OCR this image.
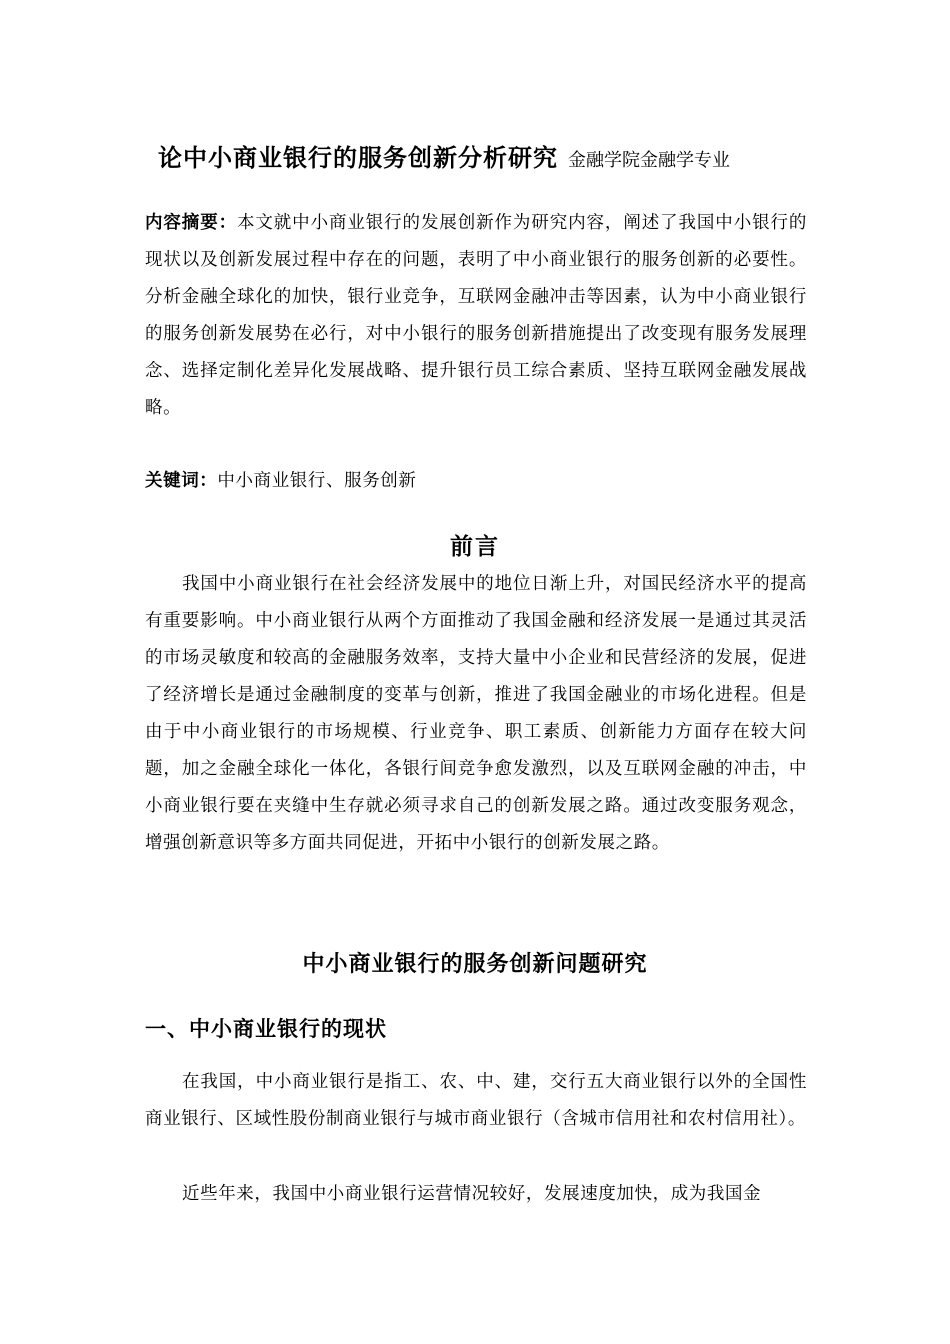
论中小商业银行的服务创新分析研究 金融学院金融学专业
内容摘要：本文就中小商业银行的发展创新作为研究内容，阐述了我国中小银行的现状以及创新发展过程中存在的问题，表明了中小商业银行的服务创新的必要性。分析金融全球化的加快，银行业竞争，互联网金融冲击等因素，认为中小商业银行的服务创新发展势在必行，对中小银行的服务创新措施提出了改变现有服务发展理念、选择定制化差异化发展战略、提升银行员工综合素质、坚持互联网金融发展战略。
关键词：中小商业银行、服务创新
前言
我国中小商业银行在社会经济发展中的地位日渐上升，对国民经济水平的提高有重要影响。中小商业银行从两个方面推动了我国金融和经济发展一是通过其灵活的市场灵敏度和较高的金融服务效率，支持大量中小企业和民营经济的发展，促进了经济增长是通过金融制度的变革与创新，推进了我国金融业的市场化进程。但是由于中小商业银行的市场规模、行业竞争、职工素质、创新能力方面存在较大问题，加之金融全球化一体化，各银行间竞争愈发激烈，以及互联网金融的冲击，中小商业银行要在夹缝中生存就必须寻求自己的创新发展之路。通过改变服务观念，增强创新意识等多方面共同促进，开拓中小银行的创新发展之路。
中小商业银行的服务创新问题研究
一、中小商业银行的现状
在我国，中小商业银行是指工、农、中、建，交行五大商业银行以外的全国性商业银行、区域性股份制商业银行与城市商业银行（含城市信用社和农村信用社）。
近些年来，我国中小商业银行运营情况较好，发展速度加快，成为我国金
